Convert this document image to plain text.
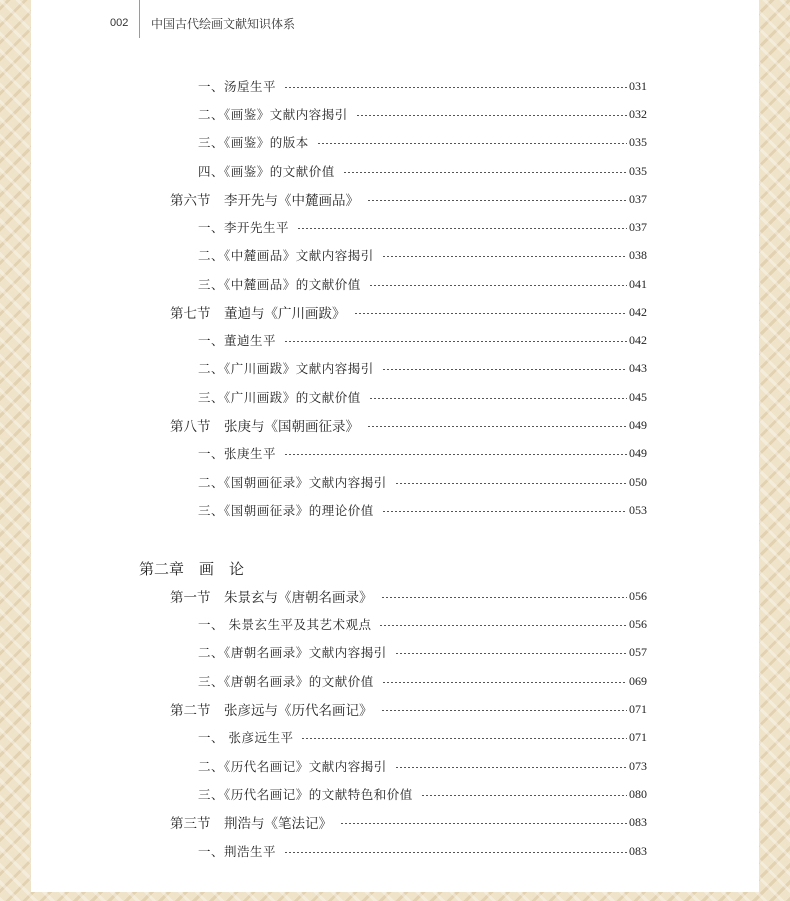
002 中国古代绘画文献知识体系
一、汤垕生平	031
二、《画鉴》文献内容揭引	032
三、《画鉴》的版本	035
四、《画鉴》的文献价值	035
第六节　李开先与《中麓画品》	037
一、李开先生平	037
二、《中麓画品》文献内容揭引	038
三、《中麓画品》的文献价值	041
第七节　董逌与《广川画跋》	042
一、董逌生平	042
二、《广川画跋》文献内容揭引	043
三、《广川画跋》的文献价值	045
第八节　张庚与《国朝画征录》	049
一、张庚生平	049
二、《国朝画征录》文献内容揭引	050
三、《国朝画征录》的理论价值	053
第二章　画　论
第一节　朱景玄与《唐朝名画录》	056
一、 朱景玄生平及其艺术观点	056
二、《唐朝名画录》文献内容揭引	057
三、《唐朝名画录》的文献价值	069
第二节　张彦远与《历代名画记》	071
一、 张彦远生平	071
二、《历代名画记》文献内容揭引	073
三、《历代名画记》的文献特色和价值	080
第三节　荆浩与《笔法记》	083
一、荆浩生平	083
